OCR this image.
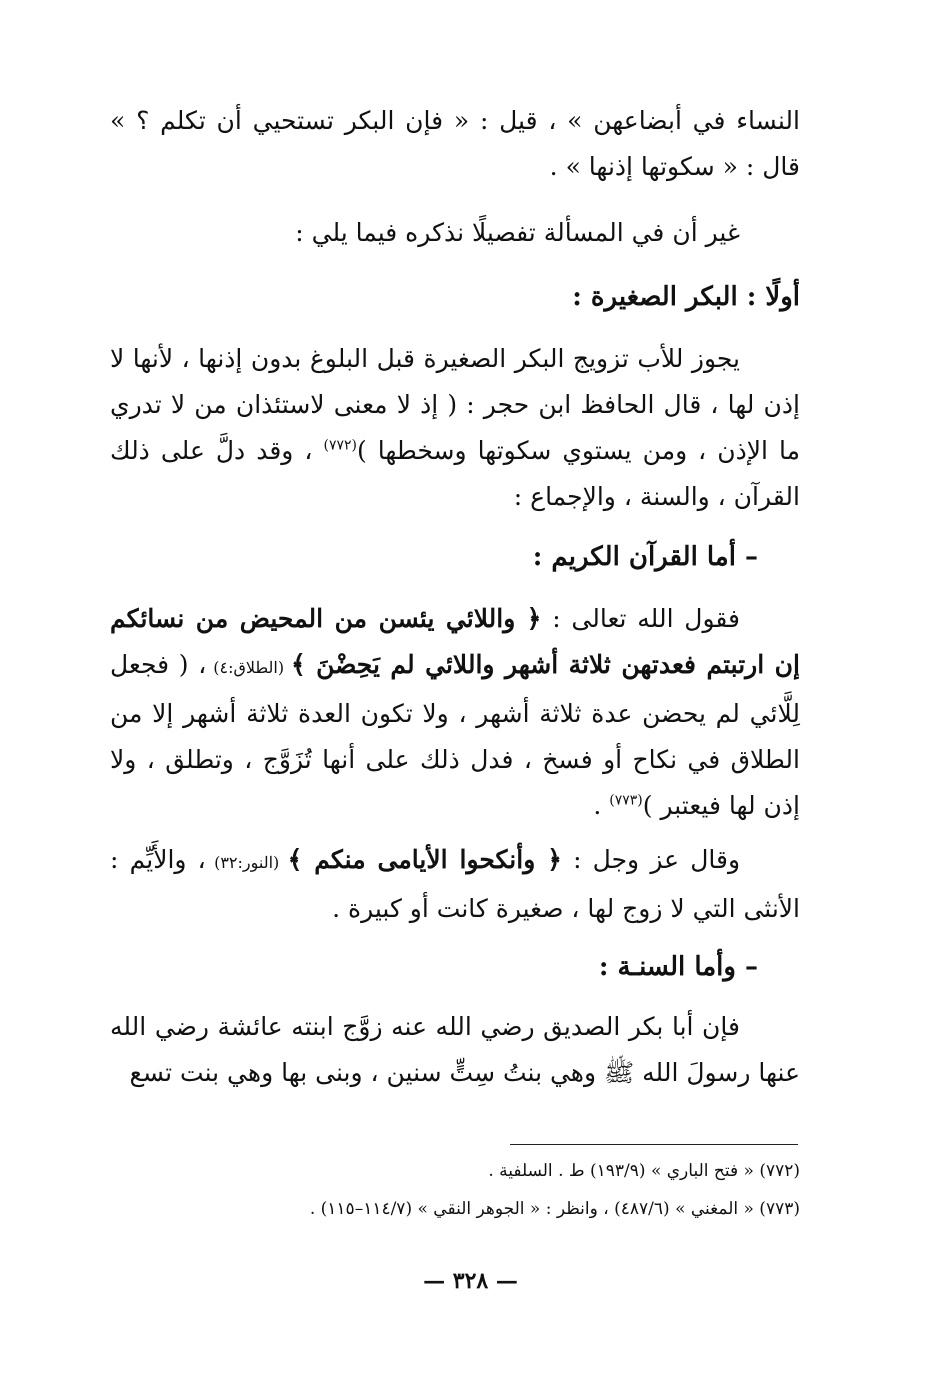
النساء في أبضاعهن » ، قيل : « فإن البكر تستحيي أن تكلم ؟ » قال : « سكوتها إذنها » .

غير أن في المسألة تفصيلًا نذكره فيما يلي :

أولًا : البكر الصغيرة :

يجوز للأب تزويج البكر الصغيرة قبل البلوغ بدون إذنها ، لأنها لا إذن لها ، قال الحافظ ابن حجر : ( إذ لا معنى لاستئذان من لا تدري ما الإذن ، ومن يستوي سكوتها وسخطها )$^{(٧٧٢)}$ ، وقد دلَّ على ذلك القرآن ، والسنة ، والإجماع :

– أما القرآن الكريم :

فقول الله تعالى : ﴿ واللائي يئسن من المحيض من نسائكم إن ارتبتم فعدتهن ثلاثة أشهر واللائي لم يَحِضْنَ ﴾ (الطلاق:٤) ، ( فجعل لِلَّائي لم يحضن عدة ثلاثة أشهر ، ولا تكون العدة ثلاثة أشهر إلا من الطلاق في نكاح أو فسخ ، فدل ذلك على أنها تُزَوَّج ، وتطلق ، ولا إذن لها فيعتبر )$^{(٧٧٣)}$ .

وقال عز وجل : ﴿ وأنكحوا الأيامى منكم ﴾ (النور:٣٢) ، والأَيِّم : الأنثى التي لا زوج لها ، صغيرة كانت أو كبيرة .

– وأما السنـة :

فإن أبا بكر الصديق رضي الله عنه زوَّج ابنته عائشة رضي الله عنها رسولَ الله ﷺ وهي بنتُ سِتٍّ سنين ، وبنى بها وهي بنت تسع

(٧٧٢) « فتح الباري » (١٩٣/٩) ط . السلفية .

(٧٧٣) « المغني » (٤٨٧/٦) ، وانظر : « الجوهر النقي » (١١٤/٧–١١٥) .

— ٣٢٨ —
